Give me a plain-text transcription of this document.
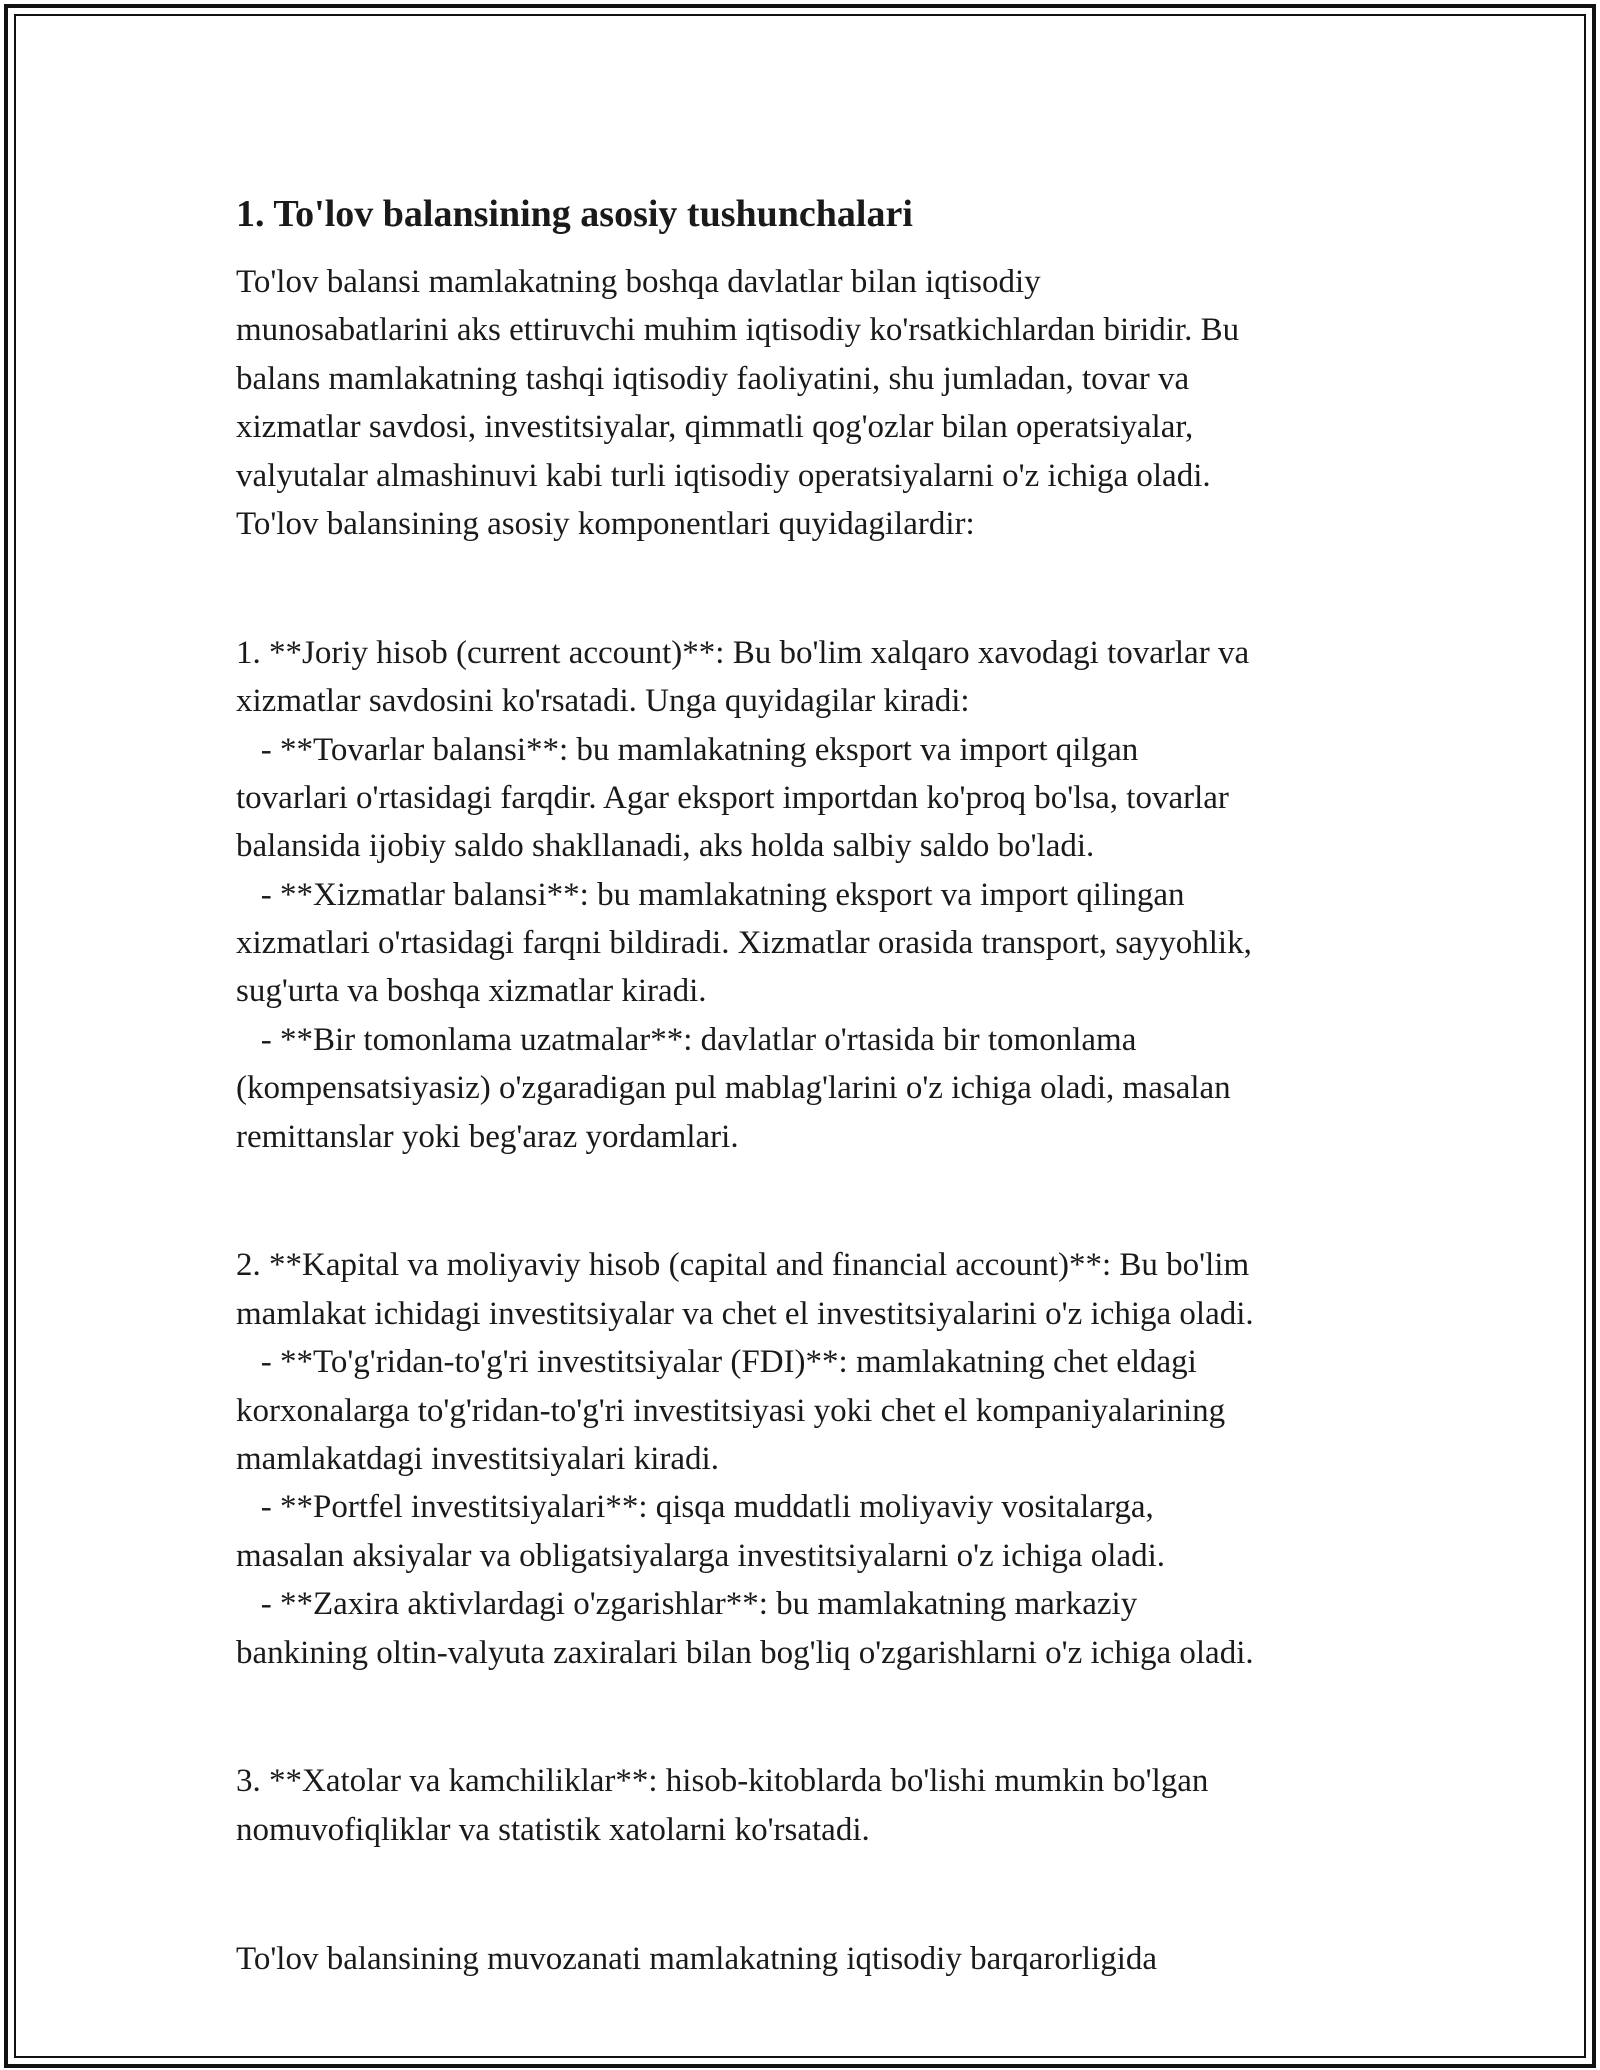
1. To'lov balansining asosiy tushunchalari

To'lov balansi mamlakatning boshqa davlatlar bilan iqtisodiy

munosabatlarini aks ettiruvchi muhim iqtisodiy ko'rsatkichlardan biridir. Bu

balans mamlakatning tashqi iqtisodiy faoliyatini, shu jumladan, tovar va

xizmatlar savdosi, investitsiyalar, qimmatli qog'ozlar bilan operatsiyalar,

valyutalar almashinuvi kabi turli iqtisodiy operatsiyalarni o'z ichiga oladi.

To'lov balansining asosiy komponentlari quyidagilardir:

1. **Joriy hisob (current account)**: Bu bo'lim xalqaro xavodagi tovarlar va

xizmatlar savdosini ko'rsatadi. Unga quyidagilar kiradi:

- **Tovarlar balansi**: bu mamlakatning eksport va import qilgan

tovarlari o'rtasidagi farqdir. Agar eksport importdan ko'proq bo'lsa, tovarlar

balansida ijobiy saldo shakllanadi, aks holda salbiy saldo bo'ladi.

- **Xizmatlar balansi**: bu mamlakatning eksport va import qilingan

xizmatlari o'rtasidagi farqni bildiradi. Xizmatlar orasida transport, sayyohlik,

sug'urta va boshqa xizmatlar kiradi.

- **Bir tomonlama uzatmalar**: davlatlar o'rtasida bir tomonlama

(kompensatsiyasiz) o'zgaradigan pul mablag'larini o'z ichiga oladi, masalan

remittanslar yoki beg'araz yordamlari.

2. **Kapital va moliyaviy hisob (capital and financial account)**: Bu bo'lim

mamlakat ichidagi investitsiyalar va chet el investitsiyalarini o'z ichiga oladi.

- **To'g'ridan-to'g'ri investitsiyalar (FDI)**: mamlakatning chet eldagi

korxonalarga to'g'ridan-to'g'ri investitsiyasi yoki chet el kompaniyalarining

mamlakatdagi investitsiyalari kiradi.

- **Portfel investitsiyalari**: qisqa muddatli moliyaviy vositalarga,

masalan aksiyalar va obligatsiyalarga investitsiyalarni o'z ichiga oladi.

- **Zaxira aktivlardagi o'zgarishlar**: bu mamlakatning markaziy

bankining oltin-valyuta zaxiralari bilan bog'liq o'zgarishlarni o'z ichiga oladi.

3. **Xatolar va kamchiliklar**: hisob-kitoblarda bo'lishi mumkin bo'lgan

nomuvofiqliklar va statistik xatolarni ko'rsatadi.

To'lov balansining muvozanati mamlakatning iqtisodiy barqarorligida
